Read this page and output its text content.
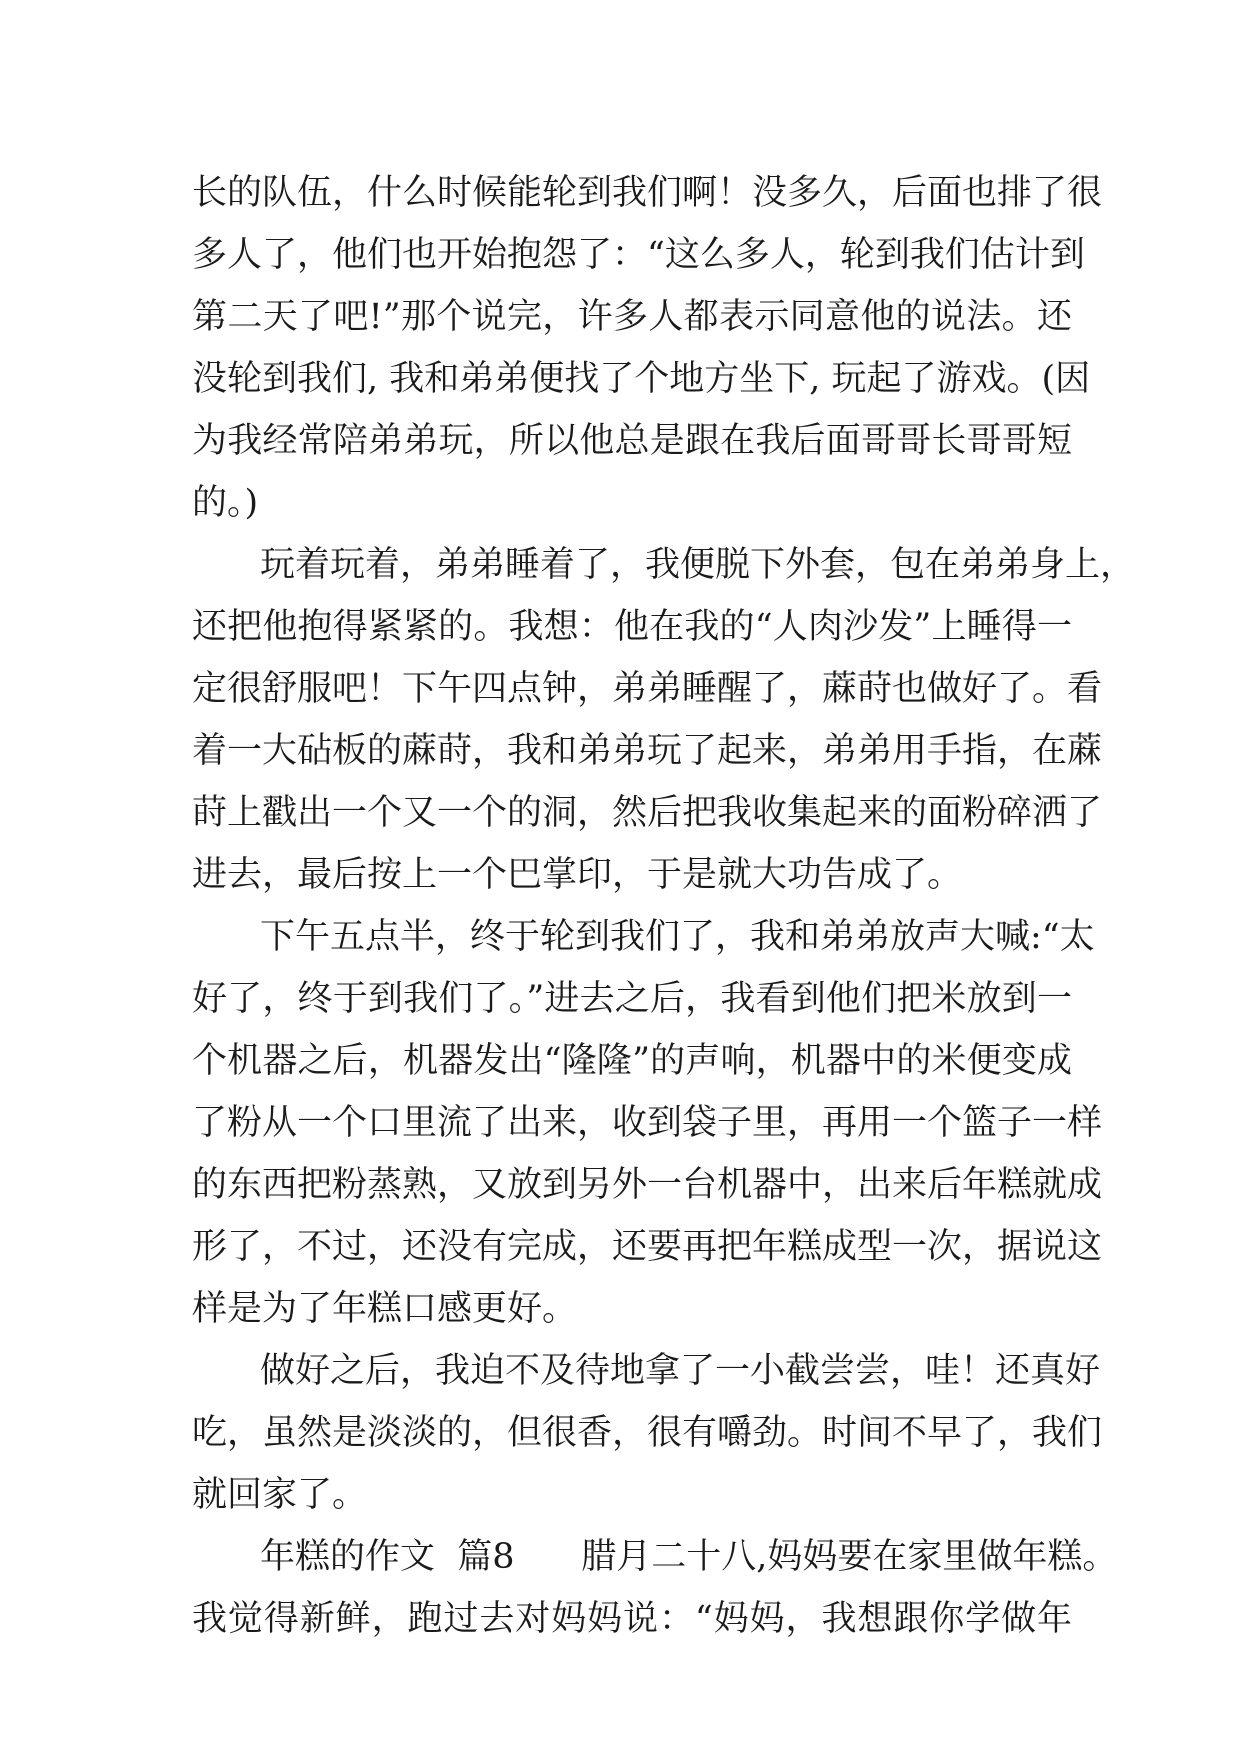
长的队伍，什么时候能轮到我们啊！没多久，后面也排了很
多人了，他们也开始抱怨了：“这么多人，轮到我们估计到
第二天了吧!”那个说完，许多人都表示同意他的说法。还
没轮到我们, 我和弟弟便找了个地方坐下, 玩起了游戏。(因
为我经常陪弟弟玩，所以他总是跟在我后面哥哥长哥哥短
的。)
玩着玩着，弟弟睡着了，我便脱下外套，包在弟弟身上，
还把他抱得紧紧的。我想：他在我的“人肉沙发”上睡得一
定很舒服吧！下午四点钟，弟弟睡醒了，蔴莳也做好了。看
着一大砧板的蔴莳，我和弟弟玩了起来，弟弟用手指，在蔴
莳上戳出一个又一个的洞，然后把我收集起来的面粉碎洒了
进去，最后按上一个巴掌印，于是就大功告成了。
下午五点半，终于轮到我们了，我和弟弟放声大喊:“太
好了，终于到我们了。”进去之后，我看到他们把米放到一
个机器之后，机器发出“隆隆”的声响，机器中的米便变成
了粉从一个口里流了出来，收到袋子里，再用一个篮子一样
的东西把粉蒸熟，又放到另外一台机器中，出来后年糕就成
形了，不过，还没有完成，还要再把年糕成型一次，据说这
样是为了年糕口感更好。
做好之后，我迫不及待地拿了一小截尝尝，哇！还真好
吃，虽然是淡淡的，但很香，很有嚼劲。时间不早了，我们
就回家了。
年糕的作文  篇8      腊月二十八,妈妈要在家里做年糕。
我觉得新鲜，跑过去对妈妈说：“妈妈，我想跟你学做年
